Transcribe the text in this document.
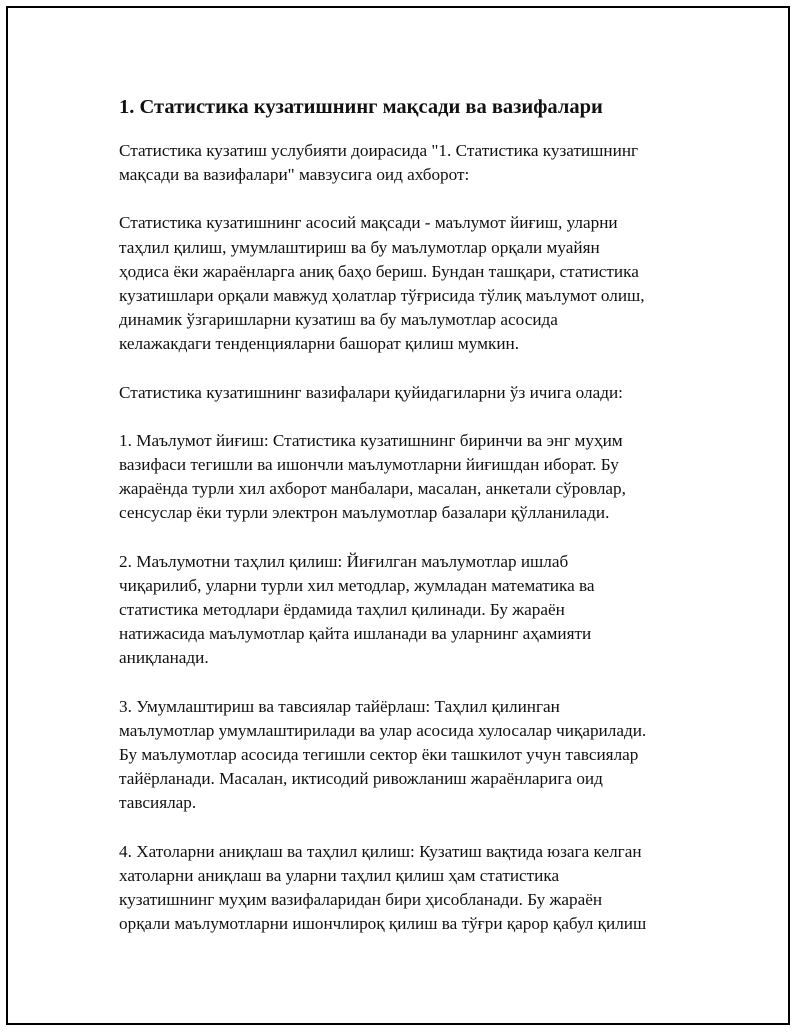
1. Статистика кузатишнинг мақсади ва вазифалари

Статистика кузатиш услубияти доирасида "1. Статистика кузатишнинг
мақсади ва вазифалари" мавзусига оид ахборот:

Статистика кузатишнинг асосий мақсади - маълумот йиғиш, уларни
таҳлил қилиш, умумлаштириш ва бу маълумотлар орқали муайян
ҳодиса ёки жараёнларга аниқ баҳо бериш. Бундан ташқари, статистика
кузатишлари орқали мавжуд ҳолатлар тўғрисида тўлиқ маълумот олиш,
динамик ўзгаришларни кузатиш ва бу маълумотлар асосида
келажакдаги тенденцияларни башорат қилиш мумкин.

Статистика кузатишнинг вазифалари қуйидагиларни ўз ичига олади:

1. Маълумот йиғиш: Статистика кузатишнинг биринчи ва энг муҳим
вазифаси тегишли ва ишончли маълумотларни йиғишдан иборат. Бу
жараёнда турли хил ахборот манбалари, масалан, анкетали сўровлар,
сенсуслар ёки турли электрон маълумотлар базалари қўлланилади.

2. Маълумотни таҳлил қилиш: Йиғилган маълумотлар ишлаб
чиқарилиб, уларни турли хил методлар, жумладан математика ва
статистика методлари ёрдамида таҳлил қилинади. Бу жараён
натижасида маълумотлар қайта ишланади ва уларнинг аҳамияти
аниқланади.

3. Умумлаштириш ва тавсиялар тайёрлаш: Таҳлил қилинган
маълумотлар умумлаштирилади ва улар асосида хулосалар чиқарилади.
Бу маълумотлар асосида тегишли сектор ёки ташкилот учун тавсиялар
тайёрланади. Масалан, иктисодий ривожланиш жараёнларига оид
тавсиялар.

4. Хатоларни аниқлаш ва таҳлил қилиш: Кузатиш вақтида юзага келган
хатоларни аниқлаш ва уларни таҳлил қилиш ҳам статистика
кузатишнинг муҳим вазифаларидан бири ҳисобланади. Бу жараён
орқали маълумотларни ишончлироқ қилиш ва тўғри қарор қабул қилиш
